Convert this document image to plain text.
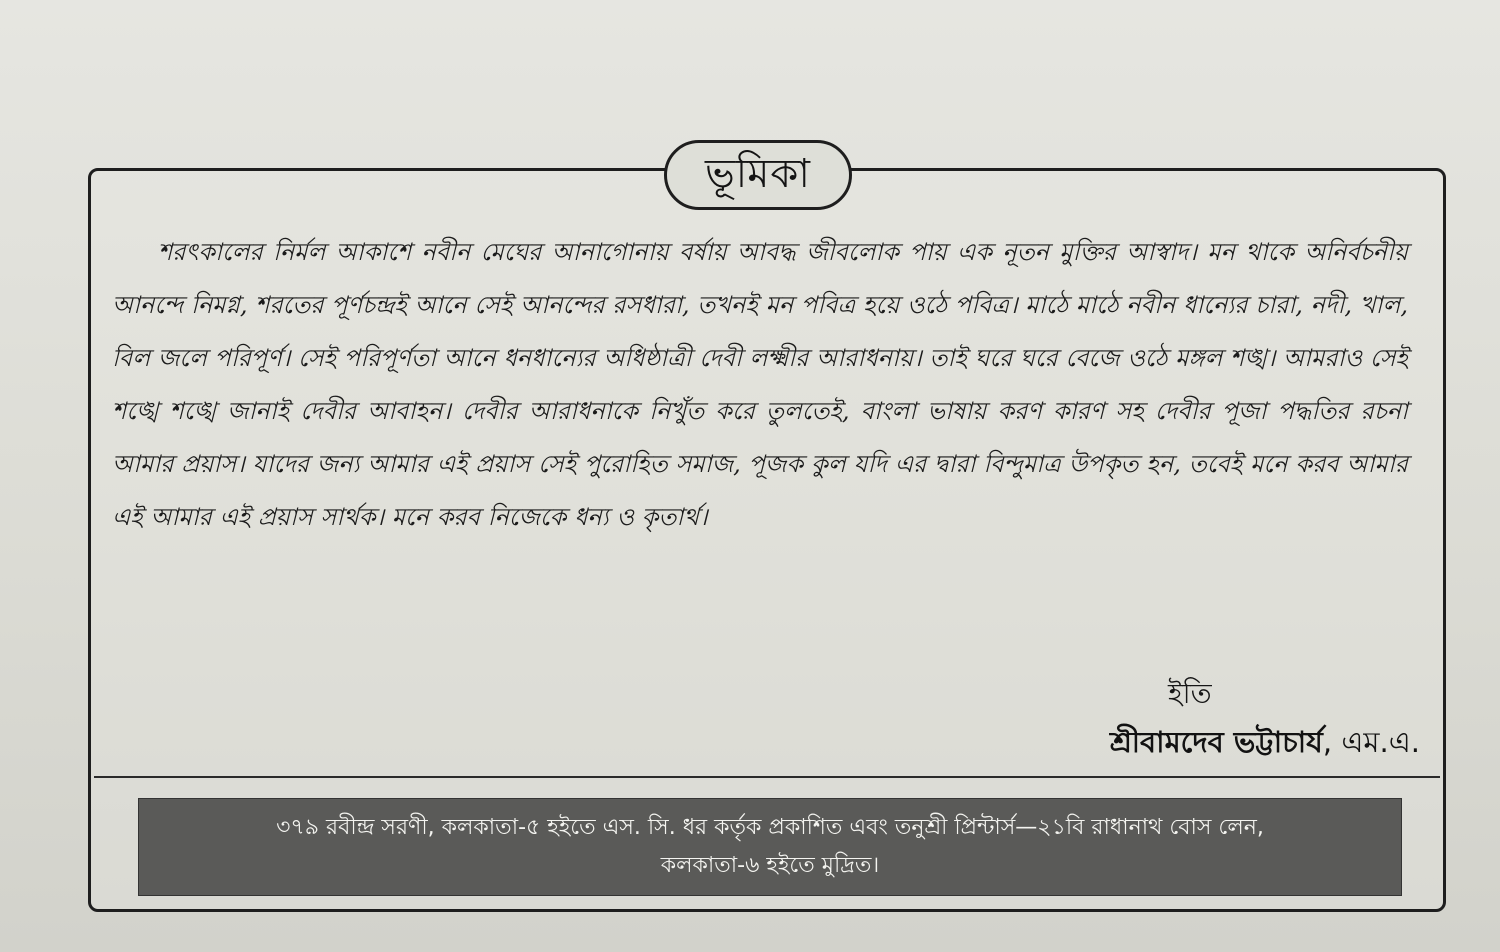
ভূমিকা

শরৎকালের নির্মল আকাশে নবীন মেঘের আনাগোনায় বর্ষায় আবদ্ধ জীবলোক পায় এক নূতন মুক্তির আস্বাদ। মন থাকে অনির্বচনীয় আনন্দে নিমগ্ন, শরতের পূর্ণচন্দ্রই আনে সেই আনন্দের রসধারা, তখনই মন পবিত্র হয়ে ওঠে পবিত্র। মাঠে মাঠে নবীন ধান্যের চারা, নদী, খাল, বিল জলে পরিপূর্ণ। সেই পরিপূর্ণতা আনে ধনধান্যের অধিষ্ঠাত্রী দেবী লক্ষ্মীর আরাধনায়। তাই ঘরে ঘরে বেজে ওঠে মঙ্গল শঙ্খ। আমরাও সেই শঙ্খে শঙ্খে জানাই দেবীর আবাহন। দেবীর আরাধনাকে নিখুঁত করে তুলতেই, বাংলা ভাষায় করণ কারণ সহ দেবীর পূজা পদ্ধতির রচনা আমার প্রয়াস। যাদের জন্য আমার এই প্রয়াস সেই পুরোহিত সমাজ, পূজক কুল যদি এর দ্বারা বিন্দুমাত্র উপকৃত হন, তবেই মনে করব আমার এই আমার এই প্রয়াস সার্থক। মনে করব নিজেকে ধন্য ও কৃতার্থ।

ইতি
শ্রীবামদেব ভট্টাচার্য, এম.এ.
৩৭৯ রবীন্দ্র সরণী, কলকাতা-৫ হইতে এস. সি. ধর কর্তৃক প্রকাশিত এবং তনুশ্রী প্রিন্টার্স—২১বি রাধানাথ বোস লেন,
কলকাতা-৬ হইতে মুদ্রিত।
